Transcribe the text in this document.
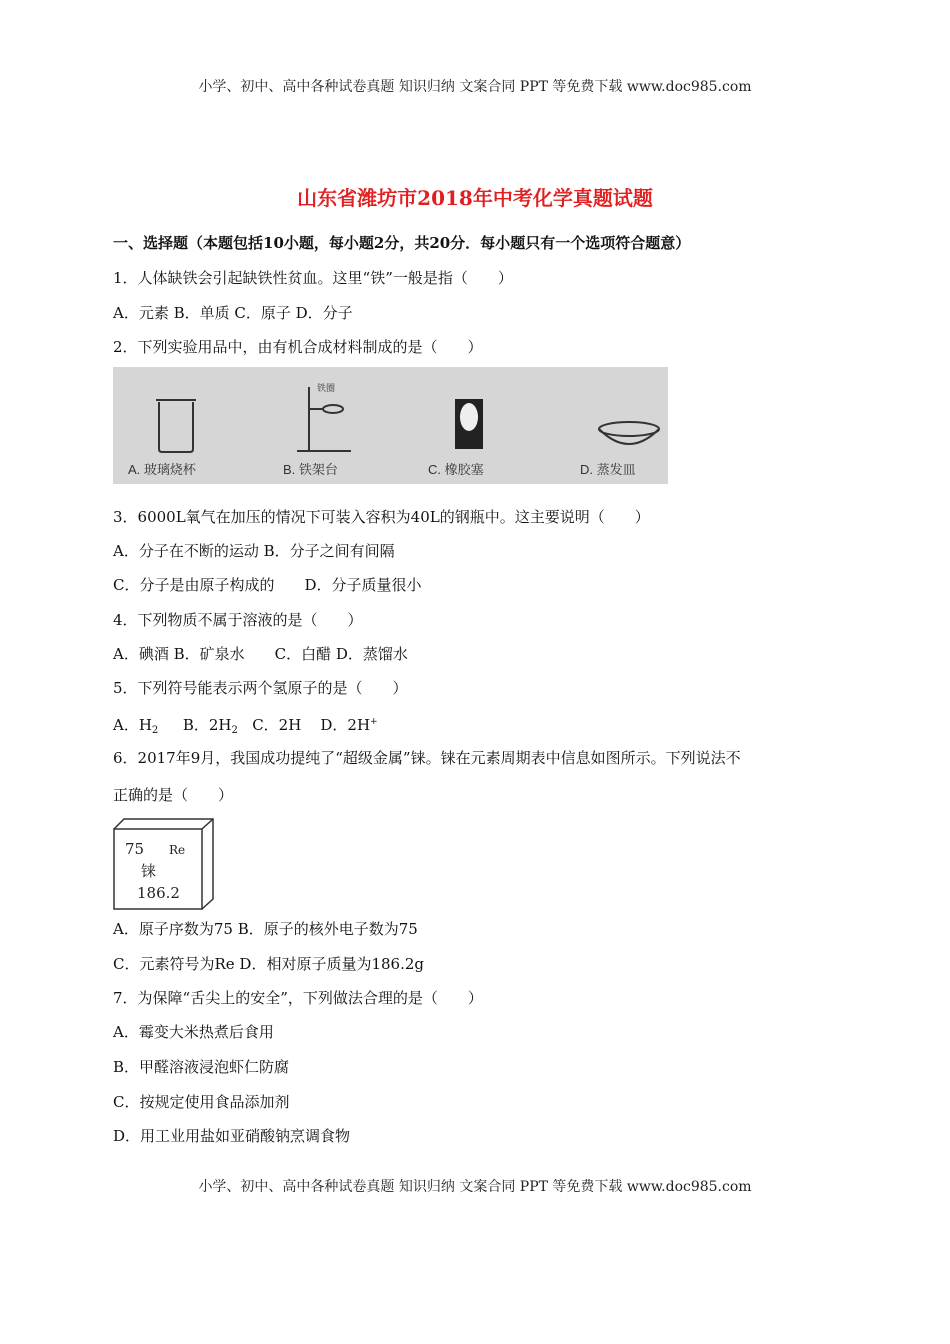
小学、初中、高中各种试卷真题 知识归纳 文案合同 PPT 等免费下载 www.doc985.com
山东省潍坊市2018年中考化学真题试题
一、选择题（本题包括10小题，每小题2分，共20分．每小题只有一个选项符合题意）
1．人体缺铁会引起缺铁性贫血。这里“铁”一般是指（　　）
A．元素 B．单质 C．原子 D．分子
2．下列实验用品中，由有机合成材料制成的是（　　）
铁圈
A. 玻璃烧杯	B. 铁架台	C. 橡胶塞	D. 蒸发皿
3．6000L氧气在加压的情况下可装入容积为40L的钢瓶中。这主要说明（　　）
A．分子在不断的运动 B．分子之间有间隔
C．分子是由原子构成的　　D．分子质量很小
4．下列物质不属于溶液的是（　　）
A．碘酒 B．矿泉水　　C．白醋 D．蒸馏水
5．下列符号能表示两个氢原子的是（　　）
A．$H_2$　 B．$2H_2$ C．2H D．2H+
6．2017年9月，我国成功提纯了“超级金属”铼。铼在元素周期表中信息如图所示。下列说法不
正确的是（　　）
75 Re
铼
186.2
A．原子序数为75 B．原子的核外电子数为75
C．元素符号为Re D．相对原子质量为186.2g
7．为保障“舌尖上的安全”，下列做法合理的是（　　）
A．霉变大米热煮后食用
B．甲醛溶液浸泡虾仁防腐
C．按规定使用食品添加剂
D．用工业用盐如亚硝酸钠烹调食物
小学、初中、高中各种试卷真题 知识归纳 文案合同 PPT 等免费下载 www.doc985.com
